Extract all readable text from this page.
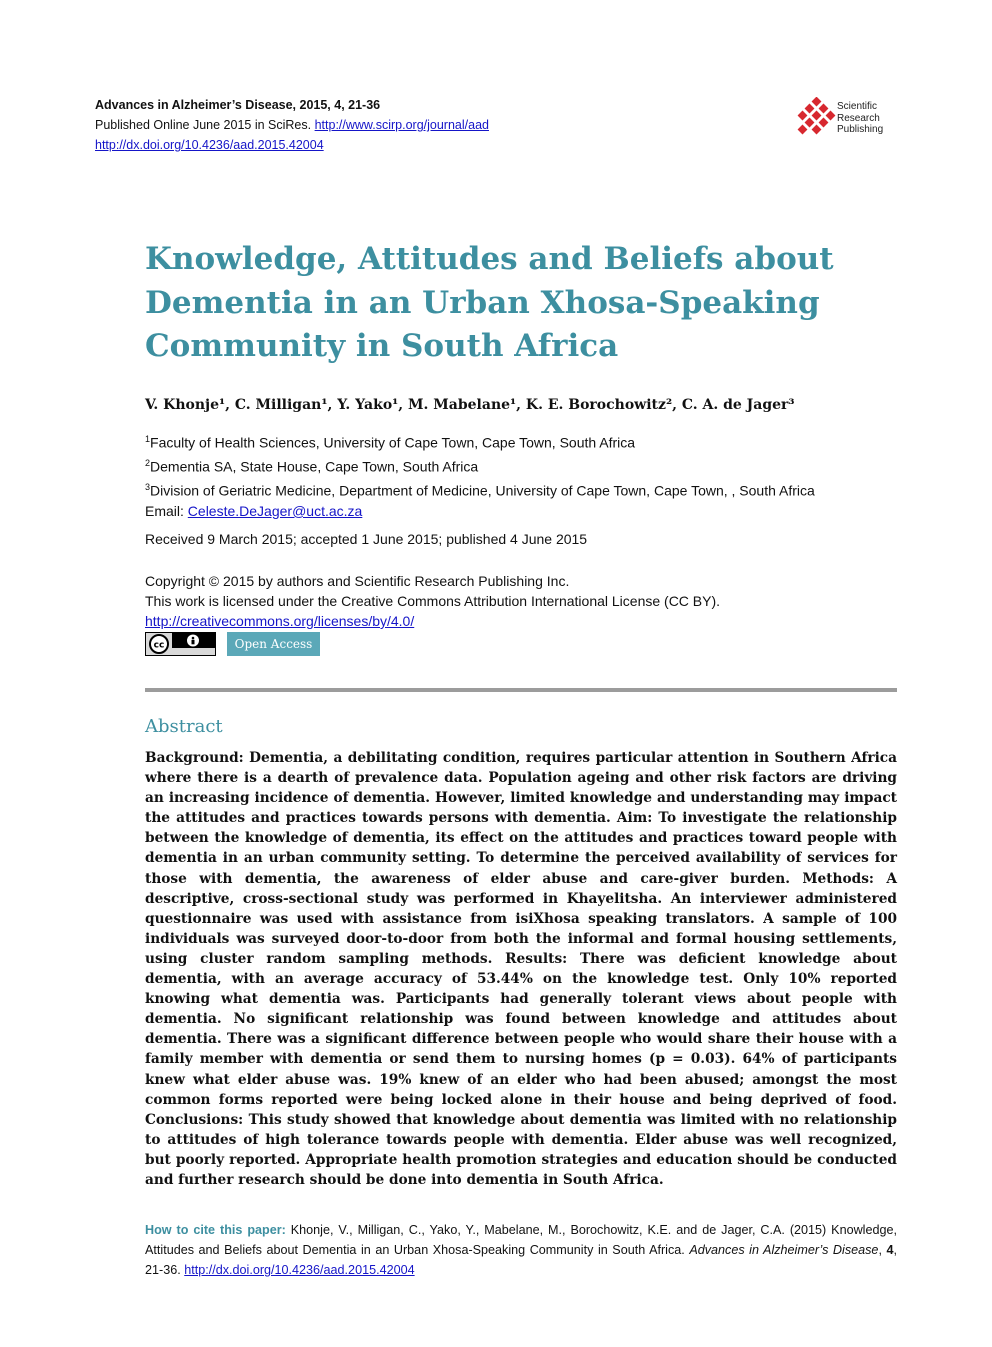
Advances in Alzheimer’s Disease, 2015, 4, 21-36
Published Online June 2015 in SciRes. http://www.scirp.org/journal/aad
http://dx.doi.org/10.4236/aad.2015.42004
Scientific
Research
Publishing
Knowledge, Attitudes and Beliefs about Dementia in an Urban Xhosa-Speaking Community in South Africa
V. Khonje¹, C. Milligan¹, Y. Yako¹, M. Mabelane¹, K. E. Borochowitz², C. A. de Jager³
$^1$Faculty of Health Sciences, University of Cape Town, Cape Town, South Africa
$^2$Dementia SA, State House, Cape Town, South Africa
$^3$Division of Geriatric Medicine, Department of Medicine, University of Cape Town, Cape Town, , South Africa
Email: Celeste.DeJager@uct.ac.za
Received 9 March 2015; accepted 1 June 2015; published 4 June 2015
Copyright © 2015 by authors and Scientific Research Publishing Inc.
This work is licensed under the Creative Commons Attribution International License (CC BY).
http://creativecommons.org/licenses/by/4.0/
cc	Open Access
Abstract

Background: Dementia, a debilitating condition, requires particular attention in Southern Africa where there is a dearth of prevalence data. Population ageing and other risk factors are driving an increasing incidence of dementia. However, limited knowledge and understanding may impact the attitudes and practices towards persons with dementia. Aim: To investigate the relationship between the knowledge of dementia, its effect on the attitudes and practices toward people with dementia in an urban community setting. To determine the perceived availability of services for those with dementia, the awareness of elder abuse and care-giver burden. Methods: A descriptive, cross-sectional study was performed in Khayelitsha. An interviewer administered questionnaire was used with assistance from isiXhosa speaking translators. A sample of 100 individuals was surveyed door-to-door from both the informal and formal housing settlements, using cluster random sampling methods. Results: There was deficient knowledge about dementia, with an average accuracy of 53.44% on the knowledge test. Only 10% reported knowing what dementia was. Participants had generally tolerant views about people with dementia. No significant relationship was found between knowledge and attitudes about dementia. There was a significant difference between people who would share their house with a family member with dementia or send them to nursing homes (p = 0.03). 64% of participants knew what elder abuse was. 19% knew of an elder who had been abused; amongst the most common forms reported were being locked alone in their house and being deprived of food. Conclusions: This study showed that knowledge about dementia was limited with no relationship to attitudes of high tolerance towards people with dementia. Elder abuse was well recognized, but poorly reported. Appropriate health promotion strategies and education should be conducted and further research should be done into dementia in South Africa.

How to cite this paper: Khonje, V., Milligan, C., Yako, Y., Mabelane, M., Borochowitz, K.E. and de Jager, C.A. (2015) Knowledge, Attitudes and Beliefs about Dementia in an Urban Xhosa-Speaking Community in South Africa. Advances in Alzheimer’s Disease, 4, 21-36. http://dx.doi.org/10.4236/aad.2015.42004
